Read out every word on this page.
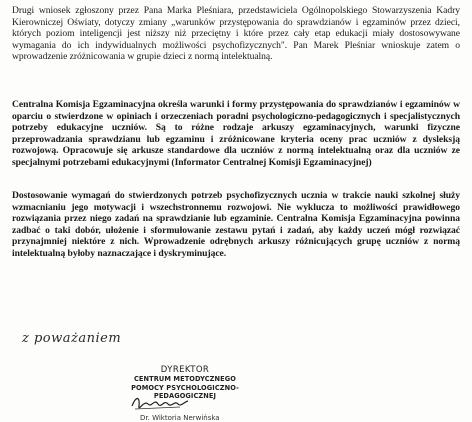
Drugi wniosek zgłoszony przez Pana Marka Pleśniara, przedstawiciela Ogólnopolskiego Stowarzyszenia Kadry Kierowniczej Oświaty, dotyczy zmiany „warunków przystępowania do sprawdzianów i egzaminów przez dzieci, których poziom inteligencji jest niższy niż przeciętny i które przez cały etap edukacji miały dostosowywane wymagania do ich indywidualnych możliwości psychofizycznych". Pan Marek Pleśniar wnioskuje zatem o wprowadzenie zróżnicowania w grupie dzieci z normą intelektualną.
Centralna Komisja Egzaminacyjna określa warunki i formy przystępowania do sprawdzianów i egzaminów w oparciu o stwierdzone w opiniach i orzeczeniach poradni psychologiczno-pedagogicznych i specjalistycznych potrzeby edukacyjne uczniów. Są to różne rodzaje arkuszy egzaminacyjnych, warunki fizyczne przeprowadzania sprawdzianu lub egzaminu i zróżnicowane kryteria oceny prac uczniów z dysleksją rozwojową. Opracowuje się arkusze standardowe dla uczniów z normą intelektualną oraz dla uczniów ze specjalnymi potrzebami edukacyjnymi (Informator Centralnej Komisji Egzaminacyjnej)
Dostosowanie wymagań do stwierdzonych potrzeb psychofizycznych ucznia w trakcie nauki szkolnej służy wzmacnianiu jego motywacji i wszechstronnemu rozwojowi. Nie wyklucza to możliwości prawidłowego rozwiązania przez niego zadań na sprawdzianie lub egzaminie. Centralna Komisja Egzaminacyjna powinna zadbać o taki dobór, ułożenie i sformułowanie zestawu pytań i zadań, aby każdy uczeń mógł rozwiązać przynajmniej niektóre z nich. Wprowadzenie odrębnych arkuszy różnicujących grupę uczniów z normą intelektualną byłoby naznaczające i dyskryminujące.
z poważaniem
DYREKTOR
CENTRUM METODYCZNEGO
POMOCY PSYCHOLOGICZNO-PEDAGOGICZNEJ
Dr. Wiktoria Nerwińska
